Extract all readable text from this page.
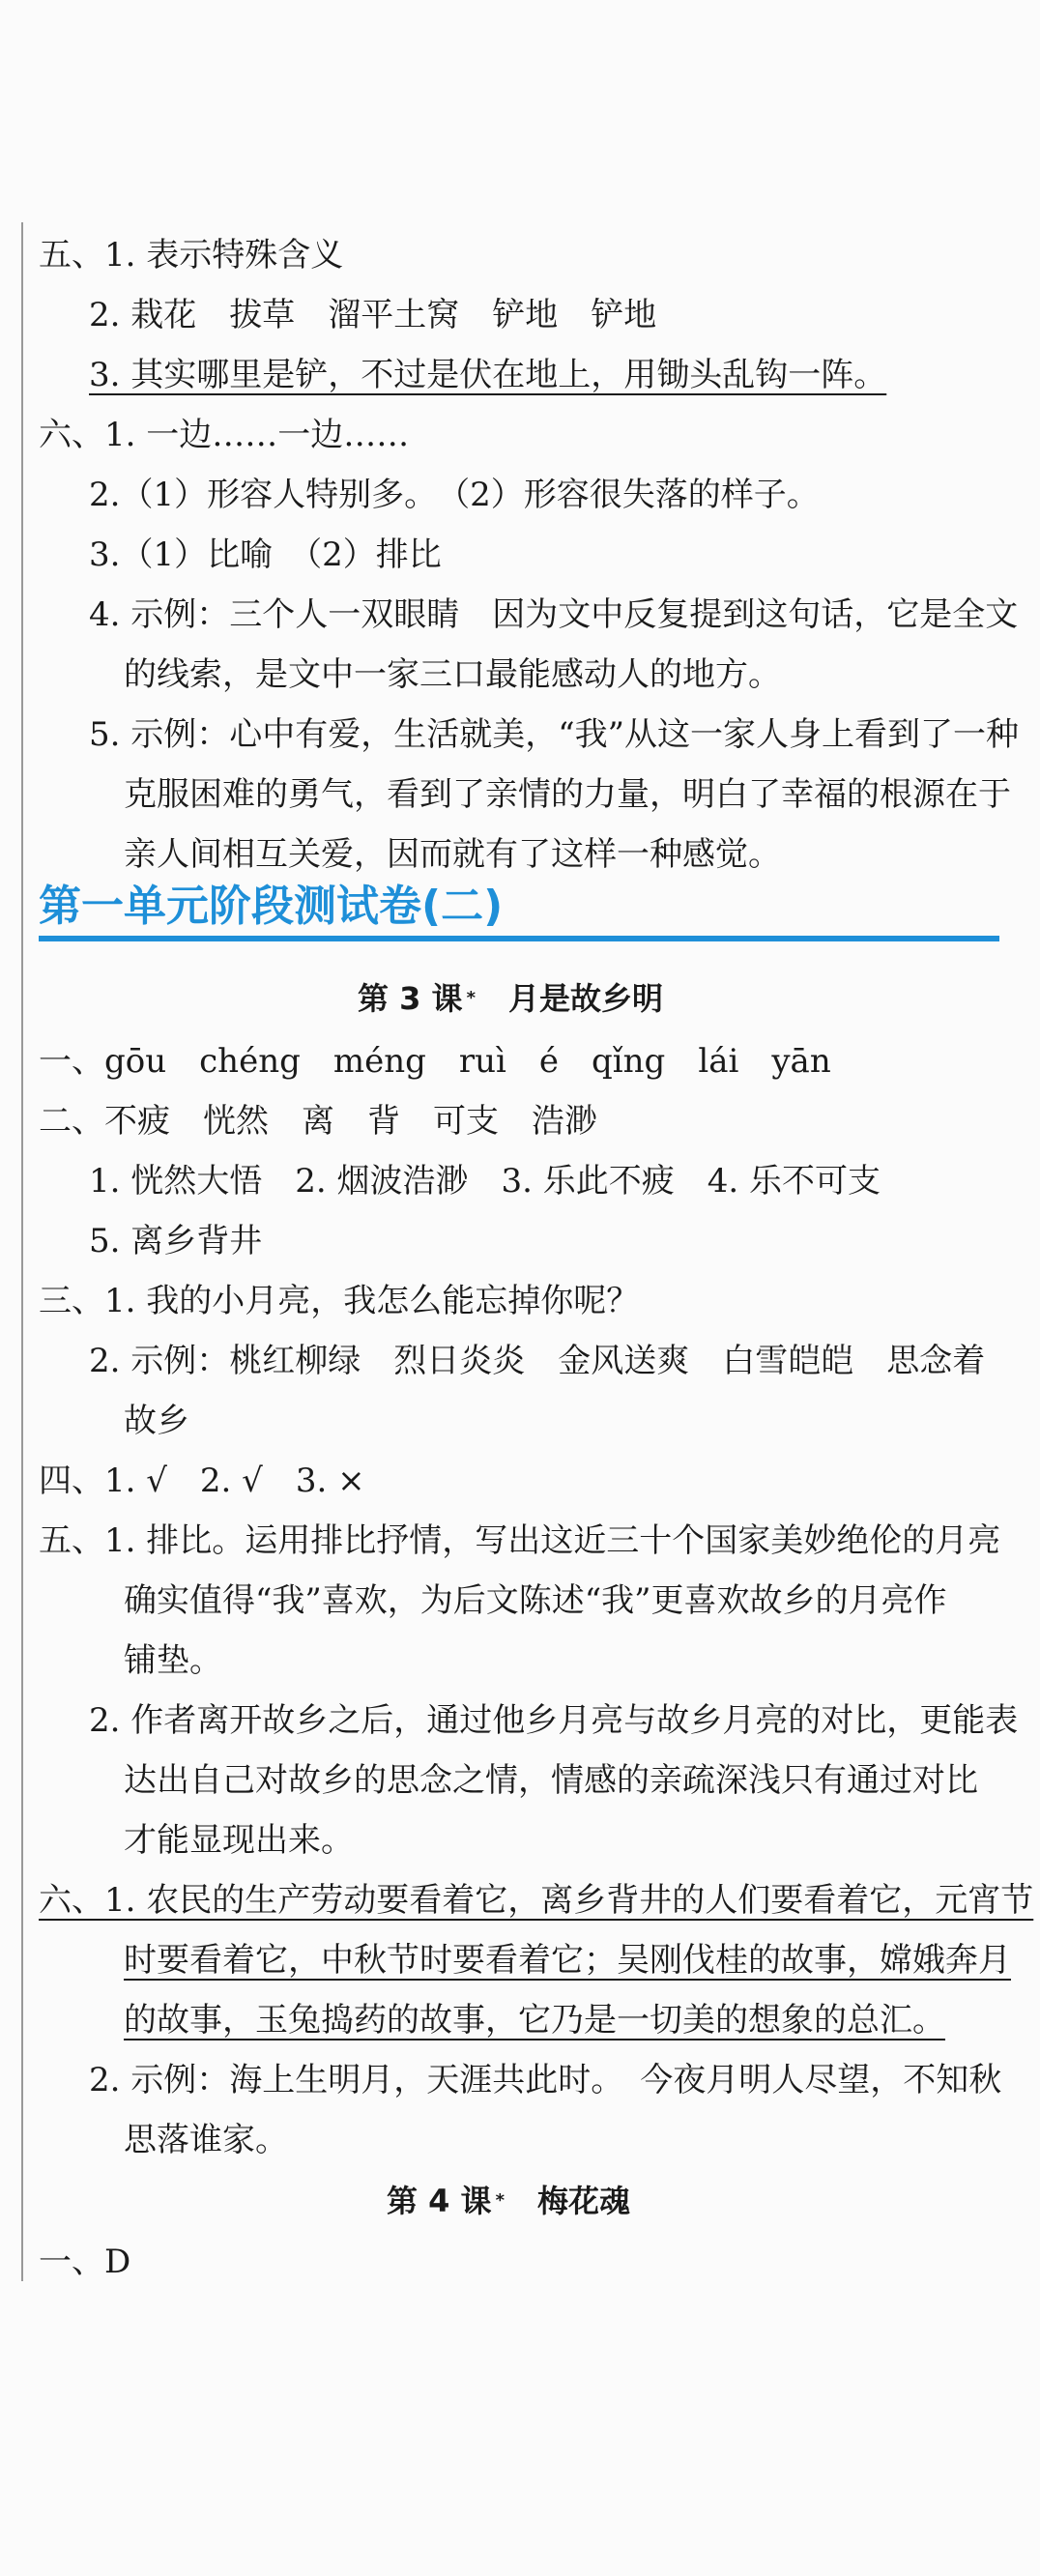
五、1. 表示特殊含义
2. 栽花　拔草　溜平土窝　铲地　铲地
3. 其实哪里是铲，不过是伏在地上，用锄头乱钩一阵。
六、1. 一边……一边……
2.（1）形容人特别多。　（2）形容很失落的样子。
3.（1）比喻　（2）排比
4. 示例：三个人一双眼睛　因为文中反复提到这句话，它是全文
的线索，是文中一家三口最能感动人的地方。
5. 示例：心中有爱，生活就美，“我”从这一家人身上看到了一种
克服困难的勇气，看到了亲情的力量，明白了幸福的根源在于
亲人间相互关爱，因而就有了这样一种感觉。
第一单元阶段测试卷(二)
第 3 课 * 月是故乡明
一、gōu　chéng　méng　ruì　é　qǐng　lái　yān
二、不疲　恍然　离　背　可支　浩渺
1. 恍然大悟　2. 烟波浩渺　3. 乐此不疲　4. 乐不可支
5. 离乡背井
三、1. 我的小月亮，我怎么能忘掉你呢？
2. 示例：桃红柳绿　烈日炎炎　金风送爽　白雪皑皑　思念着
故乡
四、1. √　2. √　3. ×
五、1. 排比。运用排比抒情，写出这近三十个国家美妙绝伦的月亮
确实值得“我”喜欢，为后文陈述“我”更喜欢故乡的月亮作
铺垫。
2. 作者离开故乡之后，通过他乡月亮与故乡月亮的对比，更能表
达出自己对故乡的思念之情，情感的亲疏深浅只有通过对比
才能显现出来。
六、1. 农民的生产劳动要看着它，离乡背井的人们要看着它，元宵节
时要看着它，中秋节时要看着它；吴刚伐桂的故事，嫦娥奔月
的故事，玉兔捣药的故事，它乃是一切美的想象的总汇。
2. 示例：海上生明月，天涯共此时。　今夜月明人尽望，不知秋
思落谁家。
第 4 课 * 梅花魂
一、D
